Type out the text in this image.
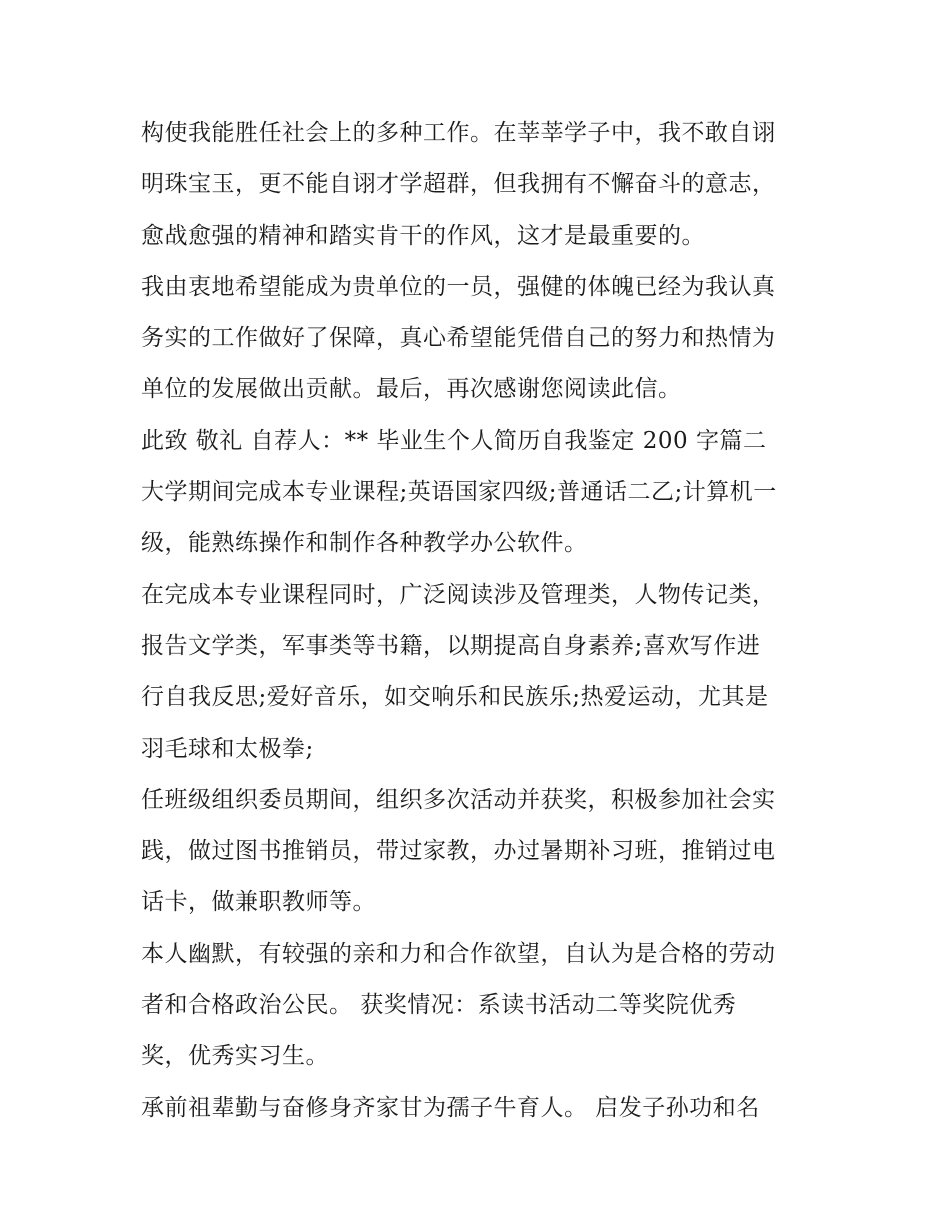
构使我能胜任社会上的多种工作。在莘莘学子中，我不敢自诩
明珠宝玉，更不能自诩才学超群，但我拥有不懈奋斗的意志，
愈战愈强的精神和踏实肯干的作风，这才是最重要的。
我由衷地希望能成为贵单位的一员，强健的体魄已经为我认真
务实的工作做好了保障，真心希望能凭借自己的努力和热情为
单位的发展做出贡献。最后，再次感谢您阅读此信。
此致 敬礼 自荐人：** 毕业生个人简历自我鉴定 200 字篇二
大学期间完成本专业课程;英语国家四级;普通话二乙;计算机一
级，能熟练操作和制作各种教学办公软件。
在完成本专业课程同时，广泛阅读涉及管理类，人物传记类，
报告文学类，军事类等书籍，以期提高自身素养;喜欢写作进
行自我反思;爱好音乐，如交响乐和民族乐;热爱运动，尤其是
羽毛球和太极拳;
任班级组织委员期间，组织多次活动并获奖，积极参加社会实
践，做过图书推销员，带过家教，办过暑期补习班，推销过电
话卡，做兼职教师等。
本人幽默，有较强的亲和力和合作欲望，自认为是合格的劳动
者和合格政治公民。 获奖情况：系读书活动二等奖院优秀
奖，优秀实习生。
承前祖辈勤与奋修身齐家甘为孺子牛育人。 启发子孙功和名
